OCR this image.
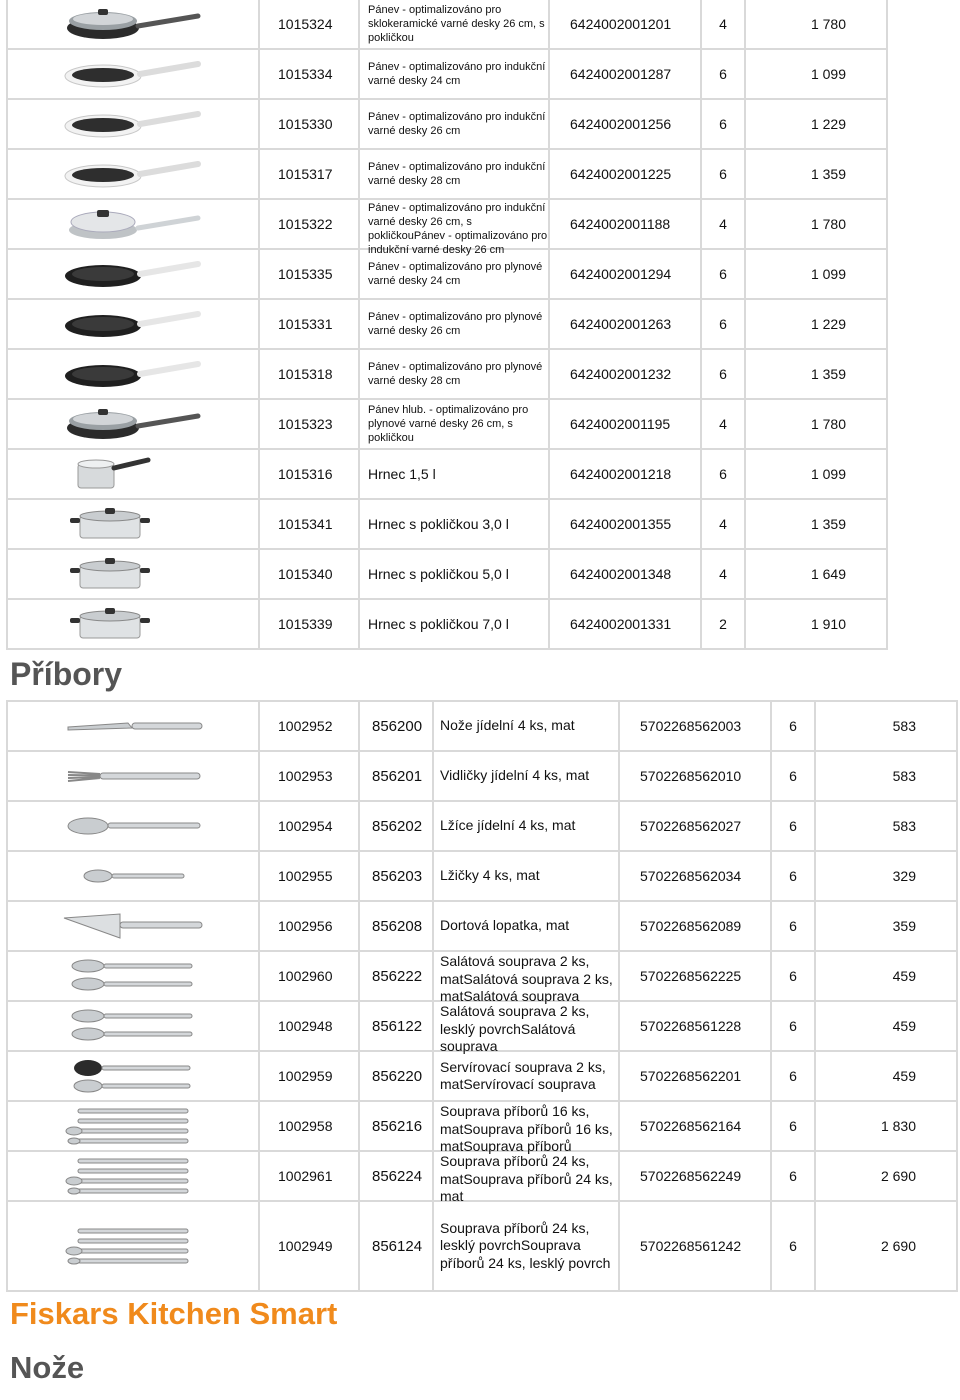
	1015324	Pánev - optimalizováno pro sklokeramické varné desky 26 cm, s pokličkou	6424002001201	4	1 780

	1015334	Pánev - optimalizováno pro indukční varné desky 24 cm	6424002001287	6	1 099

	1015330	Pánev - optimalizováno pro indukční varné desky 26 cm	6424002001256	6	1 229

	1015317	Pánev - optimalizováno pro indukční varné desky 28 cm	6424002001225	6	1 359

	1015322	Pánev - optimalizováno pro indukční varné desky 26 cm, s pokličkouPánev - optimalizováno pro indukční varné desky 26 cm	6424002001188	4	1 780

	1015335	Pánev - optimalizováno pro plynové varné desky 24 cm	6424002001294	6	1 099

	1015331	Pánev - optimalizováno pro plynové varné desky 26 cm	6424002001263	6	1 229

	1015318	Pánev - optimalizováno pro plynové varné desky 28 cm	6424002001232	6	1 359

	1015323	Pánev hlub. - optimalizováno pro plynové varné desky 26 cm, s pokličkou	6424002001195	4	1 780

	1015316	Hrnec 1,5 l	6424002001218	6	1 099

	1015341	Hrnec s pokličkou 3,0 l	6424002001355	4	1 359

	1015340	Hrnec s pokličkou 5,0 l	6424002001348	4	1 649

	1015339	Hrnec s pokličkou 7,0 l	6424002001331	2	1 910
Příbory
	1002952	856200	Nože jídelní 4 ks, mat	5702268562003	6	583

	1002953	856201	Vidličky jídelní 4 ks, mat	5702268562010	6	583

	1002954	856202	Lžíce jídelní 4 ks, mat	5702268562027	6	583

	1002955	856203	Lžičky 4 ks, mat	5702268562034	6	329

	1002956	856208	Dortová lopatka, mat	5702268562089	6	359

	1002960	856222	Salátová souprava 2 ks, matSalátová souprava 2 ks, matSalátová souprava	5702268562225	6	459

	1002948	856122	Salátová souprava 2 ks, lesklý povrchSalátová souprava	5702268561228	6	459

	1002959	856220	Servírovací souprava 2 ks, matServírovací souprava	5702268562201	6	459

	1002958	856216	Souprava příborů 16 ks, matSouprava příborů 16 ks, matSouprava příborů	5702268562164	6	1 830

	1002961	856224	Souprava příborů 24 ks, matSouprava příborů 24 ks, mat	5702268562249	6	2 690

	1002949	856124	Souprava příborů 24 ks, lesklý povrchSouprava příborů 24 ks, lesklý povrch	5702268561242	6	2 690
Fiskars Kitchen Smart
Nože
